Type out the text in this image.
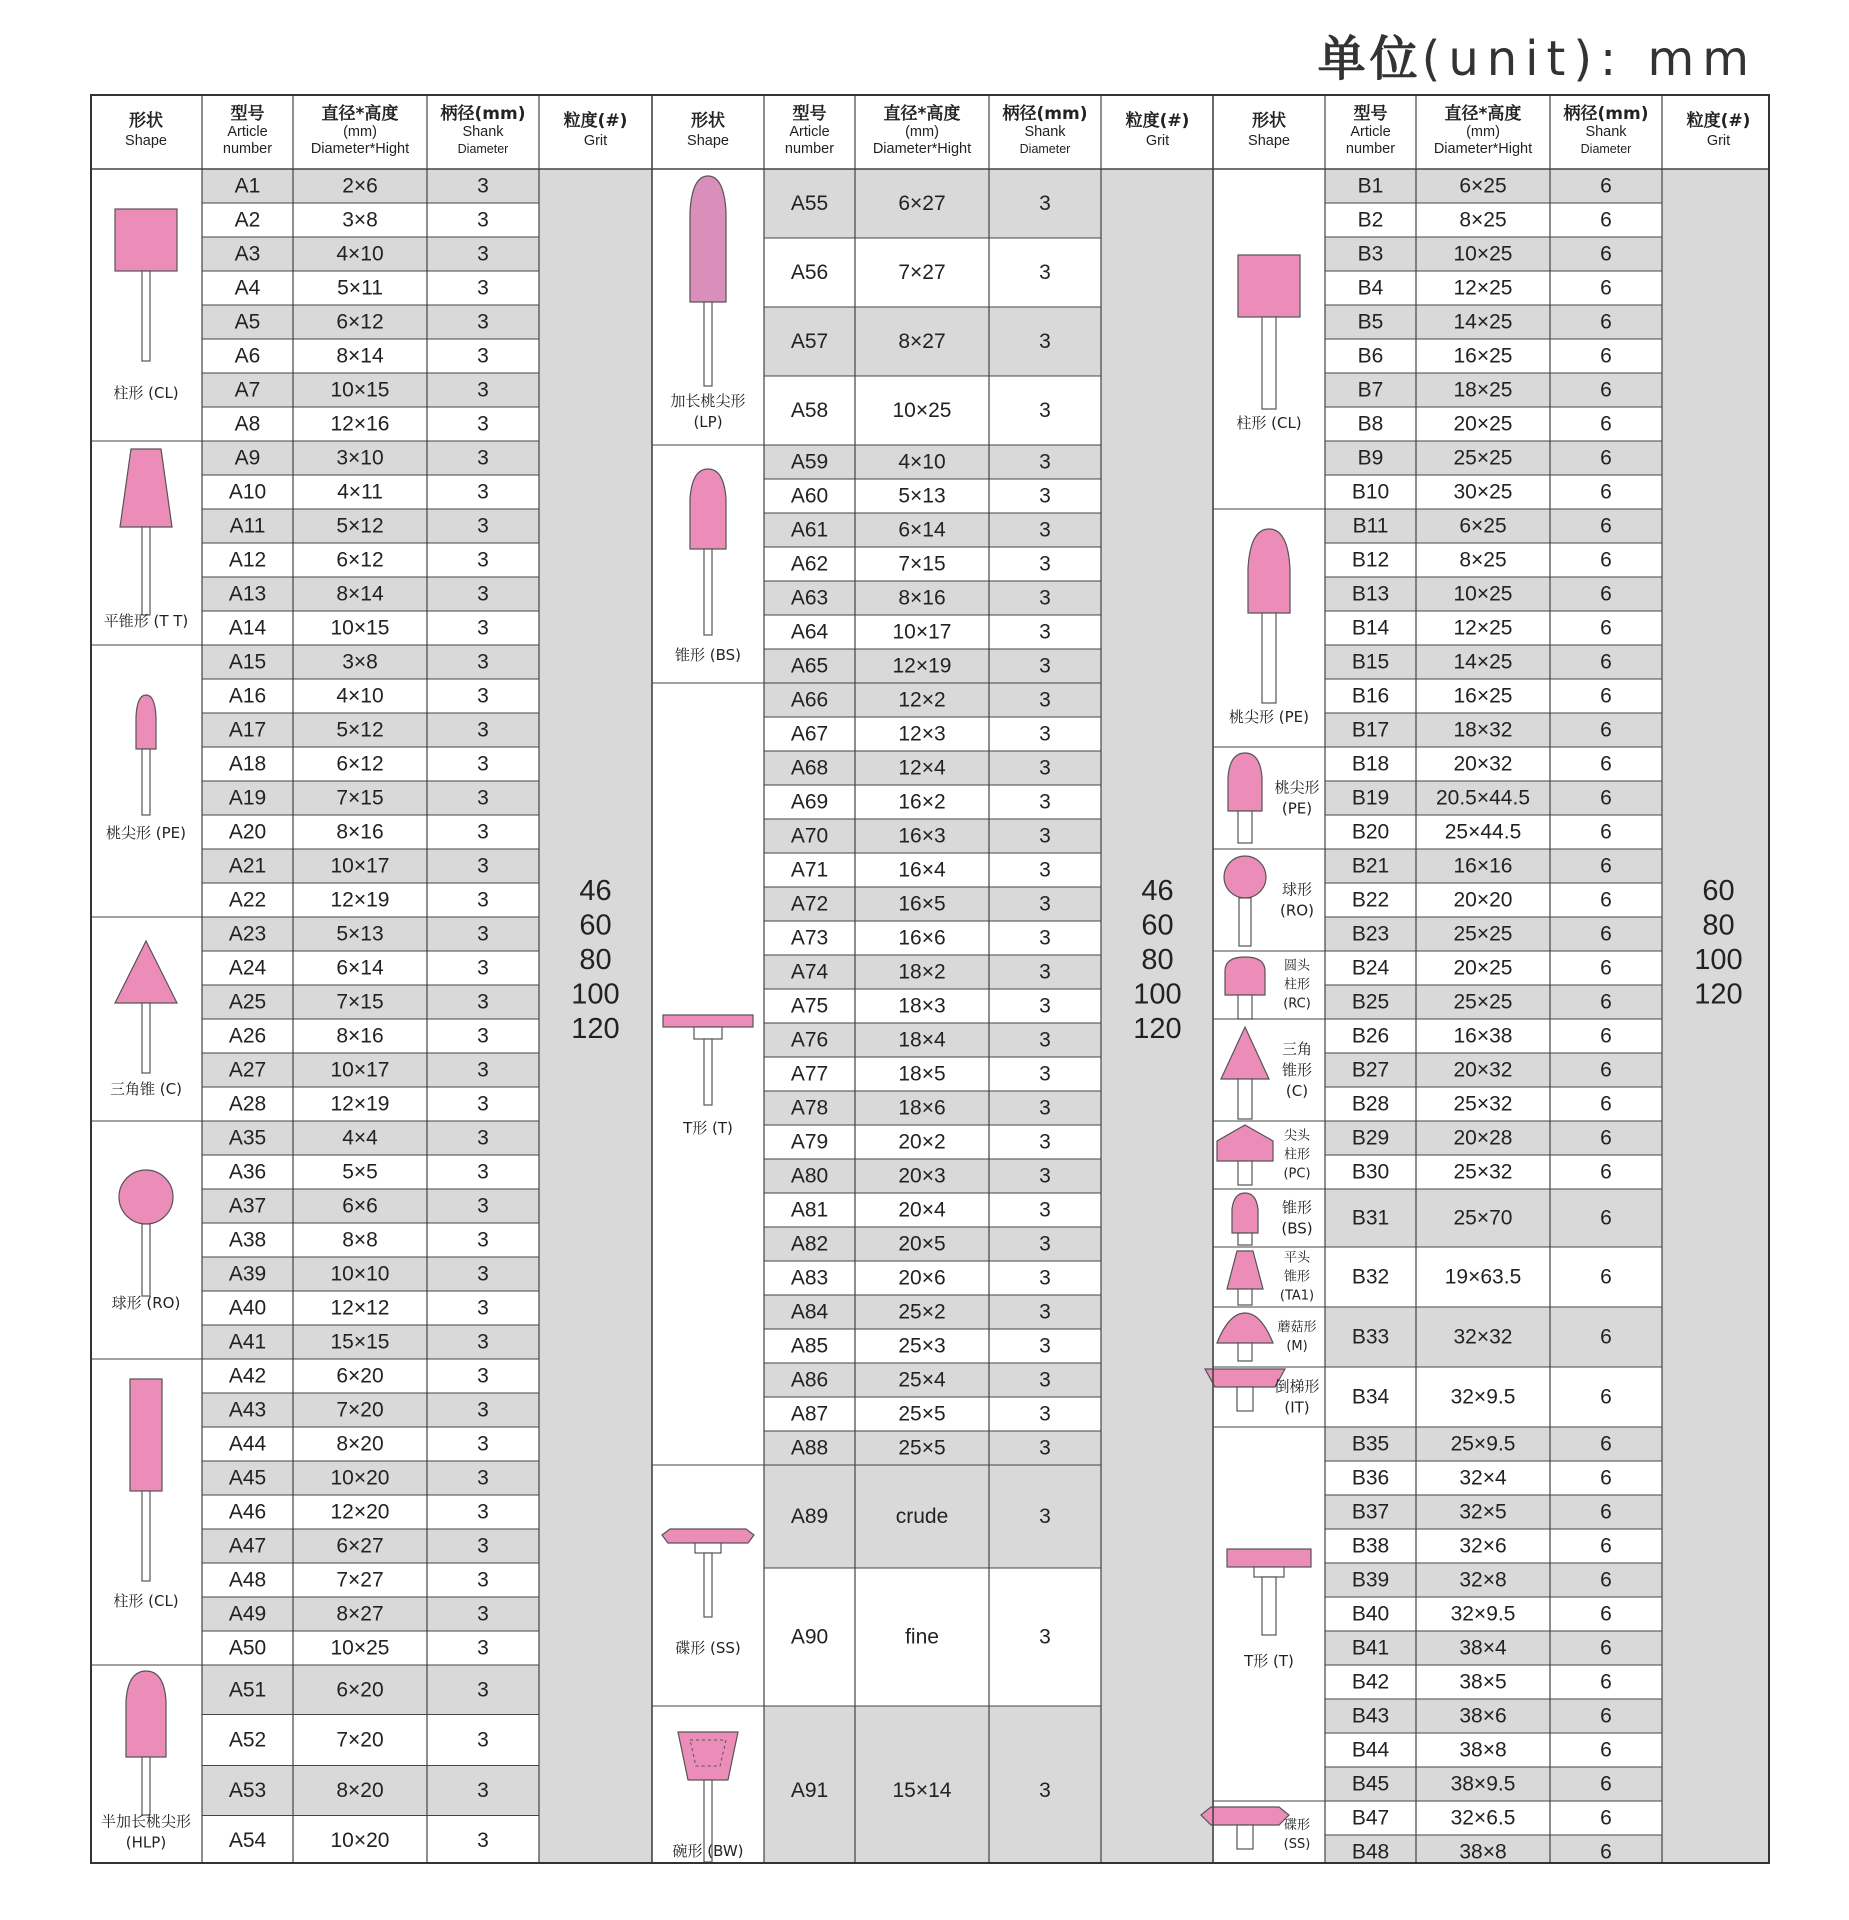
单位(unit): mm
形状
Shape
型号
Article
number
直径*高度
(mm)
Diameter*Hight
柄径(mm)
Shank
Diameter
粒度(#)
Grit
A1	2×6	3
A2	3×8	3
A3	4×10	3
A4	5×11	3
A5	6×12	3
A6	8×14	3
A7	10×15	3
A8	12×16	3
A9	3×10	3
A10	4×11	3
A11	5×12	3
A12	6×12	3
A13	8×14	3
A14	10×15	3
A15	3×8	3
A16	4×10	3
A17	5×12	3
A18	6×12	3
A19	7×15	3
A20	8×16	3
A21	10×17	3
A22	12×19	3
A23	5×13	3
A24	6×14	3
A25	7×15	3
A26	8×16	3
A27	10×17	3
A28	12×19	3
A35	4×4	3
A36	5×5	3
A37	6×6	3
A38	8×8	3
A39	10×10	3
A40	12×12	3
A41	15×15	3
A42	6×20	3
A43	7×20	3
A44	8×20	3
A45	10×20	3
A46	12×20	3
A47	6×27	3
A48	7×27	3
A49	8×27	3
A50	10×25	3
A51	6×20	3
A52	7×20	3
A53	8×20	3
A54	10×20	3
柱形 (CL)
平锥形 (T T)
桃尖形 (PE)
三角锥 (C)
球形 (RO)
柱形 (CL)
半加长桃尖形
(HLP)
46
60
80
100
120
形状
Shape
型号
Article
number
直径*高度
(mm)
Diameter*Hight
柄径(mm)
Shank
Diameter
粒度(#)
Grit
A55	6×27	3
A56	7×27	3
A57	8×27	3
A58	10×25	3
A59	4×10	3
A60	5×13	3
A61	6×14	3
A62	7×15	3
A63	8×16	3
A64	10×17	3
A65	12×19	3
A66	12×2	3
A67	12×3	3
A68	12×4	3
A69	16×2	3
A70	16×3	3
A71	16×4	3
A72	16×5	3
A73	16×6	3
A74	18×2	3
A75	18×3	3
A76	18×4	3
A77	18×5	3
A78	18×6	3
A79	20×2	3
A80	20×3	3
A81	20×4	3
A82	20×5	3
A83	20×6	3
A84	25×2	3
A85	25×3	3
A86	25×4	3
A87	25×5	3
A88	25×5	3
A89	crude	3
A90	fine	3
A91	15×14	3
加长桃尖形
(LP)
锥形 (BS)
T形 (T)
碟形 (SS)
碗形 (BW)
46
60
80
100
120
形状
Shape
型号
Article
number
直径*高度
(mm)
Diameter*Hight
柄径(mm)
Shank
Diameter
粒度(#)
Grit
B1	6×25	6
B2	8×25	6
B3	10×25	6
B4	12×25	6
B5	14×25	6
B6	16×25	6
B7	18×25	6
B8	20×25	6
B9	25×25	6
B10	30×25	6
B11	6×25	6
B12	8×25	6
B13	10×25	6
B14	12×25	6
B15	14×25	6
B16	16×25	6
B17	18×32	6
B18	20×32	6
B19 20.5×44.5	6
B20	25×44.5	6
B21	16×16	6
B22	20×20	6
B23	25×25	6
B24	20×25	6
B25	25×25	6
B26	16×38	6
B27	20×32	6
B28	25×32	6
B29	20×28	6
B30	25×32	6
B31	25×70	6
B32	19×63.5	6
B33	32×32	6
B34	32×9.5	6
B35	25×9.5	6
B36	32×4	6
B37	32×5	6
B38	32×6	6
B39	32×8	6
B40	32×9.5	6
B41	38×4	6
B42	38×5	6
B43	38×6	6
B44	38×8	6
B45	38×9.5	6
B47	32×6.5	6
B48	38×8	6
柱形 (CL)
桃尖形 (PE)
桃尖形
(PE)
球形
(RO)
圆头
柱形
(RC)
三角
锥形
(C)
尖头
柱形
(PC)
锥形
(BS)
平头
锥形
(TA1)
蘑菇形
(M)
倒梯形
(IT)
T形 (T)
碟形
(SS)
60
80
100
120
